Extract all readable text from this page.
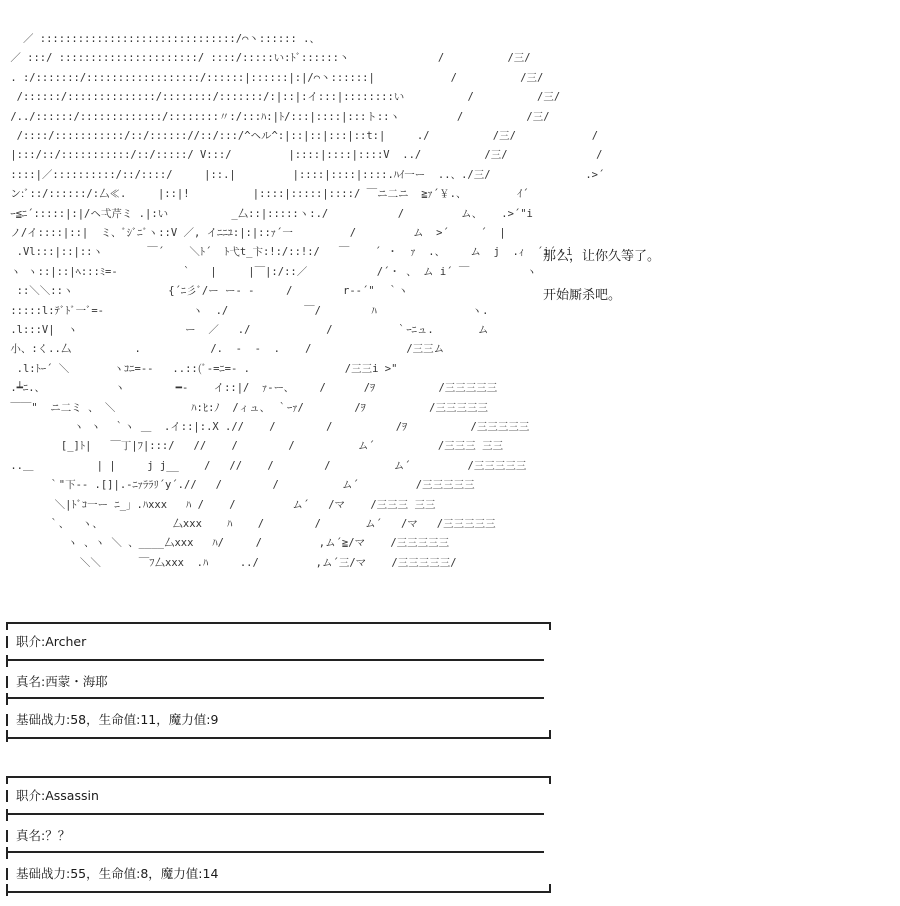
／ :::::::::::::::::::::::::::::::/⌒丶:::::: .、
／ :::/ ::::::::::::::::::::::/ ::::/:::::い:ﾄﾞ::::::丶              /          /三/
. :/:::::::/::::::::::::::::::/::::::|::::::|:|/⌒丶::::::|            /          /三/
/::::::/::::::::::::::/::::::::/:::::::/:|::|:イ:::|::::::::い          /          /三/
/../::::::/:::::::::::::/::::::::〃:/:::ﾊ:|ﾄ/:::|::::|:::ト::ヽ         /          /三/
/::::/:::::::::::/::/:::::://::/:::/^ヘル^:|::|::|:::|::t:|     ./          /三/            /
|:::/::/:::::::::::/::/:::::/ V:::/         |::::|::::|::::V  ../          /三/              /
::::|／::::::::::/::/::::/     |::.|         |::::|::::|::::.ﾊｲ一ー  ..、./三/               .>´
ン:ﾞ::/::::::/:厶≪.     |::|!          |::::|:::::|::::/ ￣ニ二ニ  ≧ｧ´￥.、        ｲ´
ｰ≦ﾆ´:::::|:|/ヘ弌芹ミ .|:い          _厶::|:::::ヽ:./           /         ム、   .>´"i
ノ/イ::::|::|  ミ、ﾞｼﾞﾆﾞヽ::V ／, イﾆﾆﾕ:|:|::ｧ´一         /         ム  >´     ´  |
.Vl:::|::|::ヽ       ￣´    ＼ﾄ´  ﾄ弋t_卞:!:/::!:/   ￣    ´ ・  ｧ  .、    ム  j  .ｨ  ´i´ヽi
ヽ ヽ::|::|ﾍ:::ﾐ=-          ｀   |     |￣|:/::／           /´・ 、 ム i´ ￣         ヽ
::＼＼::ヽ               {´ﾆ彡ﾞ/ー ー‐ ‐     /        r‐‐´"  ｀ヽ
:::::l:ﾃﾞﾄﾞ一ﾞ=-              ヽ  ./            ￣/        ﾊ               ヽ.
.l:::V|  ヽ                 ー  ／   ./            /          ｀ｰﾆュ.       ム
小、:く..厶          .           /.  ‐  ‐  .    /               /三三ム
.l:ﾄｰ´ ＼       ヽｺﾆ=‐‐   ..::(ﾞ‐=ﾆ=‐ .               /三三i >"
.┷ﾆ.、           ヽ        ━‐    イ::|/  ｧ‐ー、    /      /ｦ          /三三三三三
￣￣"  ニ二ミ 、 ＼            ﾊ:ﾋ:ﾉ  /ィュ、 ｀ｰｧ/        /ｦ          /三三三三三
ヽ ヽ  ｀ヽ ＿  .イ::|:.X .//    /        /          /ｦ          /三三三三三
[_]ﾄ|   ￣丁|ﾌ|:::/   //    /        /          ム´          /三三三 三三
..＿          | |     j j__    /   //    /        /          ム´         /三三三三三
｀"下‐‐ .[]|.‐ﾆｧﾗﾗﾘ´y´.//   /        /          ム´         /三三三三三
＼|ﾄﾞｺ一ー ﾆ_」.ﾊxxx   ﾊ /    /         ム´   /マ    /三三三 三三
｀、  ヽ、           厶xxx    ﾊ    /        /       ム´   /マ   /三三三三三
ヽ 、ヽ ＼ 、____厶xxx   ﾊ/     /         ,ム´≧/マ    /三三三三三
＼＼      ￣ﾌ厶xxx  .ﾊ     ../         ,ム´三/マ    /三三三三三/
那么，让你久等了。
开始厮杀吧。
职介:Archer
真名:西蒙・海耶
基础战力:58，生命值:11，魔力值:9
职介:Assassin
真名:？？
基础战力:55，生命值:8，魔力值:14
